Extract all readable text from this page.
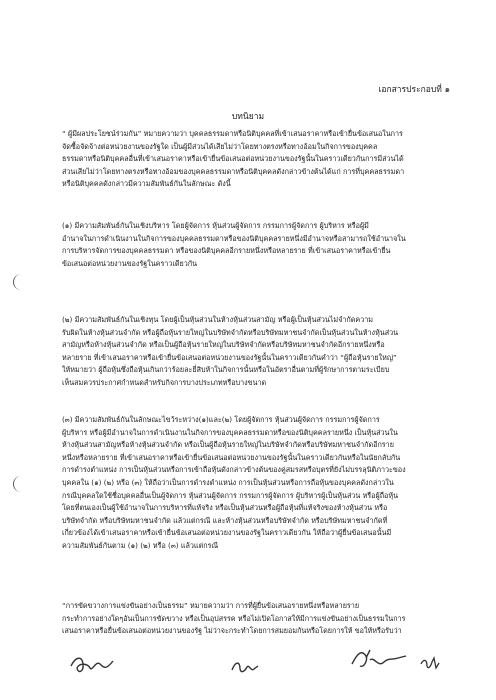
เอกสารประกอบที่ ๑
บทนิยาม
“ ผู้มีผลประโยชน์ร่วมกัน” หมายความว่า บุคคลธรรมดาหรือนิติบุคคลที่เข้าเสนอราคาหรือเข้ายื่นข้อเสนอในการ
จัดซื้อจัดจ้างต่อหน่วยงานของรัฐใด เป็นผู้มีส่วนได้เสียไม่ว่าโดยทางตรงหรือทางอ้อมในกิจการของบุคคล
ธรรมดาหรือนิติบุคคลอื่นที่เข้าเสนอราคาหรือเข้ายื่นข้อเสนอต่อหน่วยงานของรัฐนั้นในคราวเดียวกันการมีส่วนได้
ส่วนเสียไม่ว่าโดยทางตรงหรือทางอ้อมของบุคคลธรรมดาหรือนิติบุคคลดังกล่าวข้างต้นได้แก่ การที่บุคคลธรรมดา
หรือนิติบุคคลดังกล่าวมีความสัมพันธ์กันในลักษณะ ดังนี้
(๑) มีความสัมพันธ์กันในเชิงบริหาร โดยผู้จัดการ หุ้นส่วนผู้จัดการ กรรมการผู้จัดการ ผู้บริหาร หรือผู้มี
อำนาจในการดำเนินงานในกิจการของบุคคลธรรมดาหรือของนิติบุคคลรายหนึ่งมีอำนาจหรือสามารถใช้อำนาจใน
การบริหารจัดการของบุคคลธรรมดา หรือของนิติบุคคลอีกรายหนึ่งหรือหลายราย ที่เข้าเสนอราคาหรือเข้ายื่น
ข้อเสนอต่อหน่วยงานของรัฐในคราวเดียวกัน
(๒) มีความสัมพันธ์กันในเชิงทุน โดยผู้เป็นหุ้นส่วนในห้างหุ้นส่วนสามัญ หรือผู้เป็นหุ้นส่วนไม่จำกัดความ
รับผิดในห้างหุ้นส่วนจำกัด หรือผู้ถือหุ้นรายใหญ่ในบริษัทจำกัดหรือบริษัทมหาชนจำกัดเป็นหุ้นส่วนในห้างหุ้นส่วน
สามัญหรือห้างหุ้นส่วนจำกัด หรือเป็นผู้ถือหุ้นรายใหญ่ในบริษัทจำกัดหรือบริษัทมหาชนจำกัดอีกรายหนึ่งหรือ
หลายราย ที่เข้าเสนอราคาหรือเข้ายื่นข้อเสนอต่อหน่วยงานของรัฐนั้นในคราวเดียวกันคำว่า “ผู้ถือหุ้นรายใหญ่”
ให้หมายว่า ผู้ถือหุ้นซึ่งถือหุ้นเกินกว่าร้อยละยี่สิบห้าในกิจการนั้นหรือในอัตราอื่นตามที่ผู้รักษาการตามระเบียบ
เห็นสมควรประกาศกำหนดสำหรับกิจการบางประเภทหรือบางขนาด
(๓) มีความสัมพันธ์กันในลักษณะไขว้ระหว่าง(๑)และ(๒) โดยผู้จัดการ หุ้นส่วนผู้จัดการ กรรมการผู้จัดการ
ผู้บริหาร หรือผู้มีอำนาจในการดำเนินงานในกิจการของบุคคลธรรมดาหรือของนิติบุคคลรายหนึ่ง เป็นหุ้นส่วนใน
ห้างหุ้นส่วนสามัญหรือห้างหุ้นส่วนจำกัด หรือเป็นผู้ถือหุ้นรายใหญ่ในบริษัทจำกัดหรือบริษัทมหาชนจำกัดอีกราย
หนึ่งหรือหลายราย ที่เข้าเสนอราคาหรือเข้ายื่นข้อเสนอต่อหน่วยงานของรัฐนั้นในคราวเดียวกันหรือในนัยกลับกัน
การดำรงตำแหน่ง การเป็นหุ้นส่วนหรือการเข้าถือหุ้นดังกล่าวข้างต้นของคู่สมรสหรือบุตรที่ยังไม่บรรลุนิติภาวะของ
บุคคลใน (๑) (๒) หรือ (๓) ให้ถือว่าเป็นการดำรงตำแหน่ง การเป็นหุ้นส่วนหรือการถือหุ้นของบุคคลดังกล่าวใน
กรณีบุคคลใดใช้ชื่อบุคคลอื่นเป็นผู้จัดการ หุ้นส่วนผู้จัดการ กรรมการผู้จัดการ ผู้บริหารผู้เป็นหุ้นส่วน หรือผู้ถือหุ้น
โดยที่ตนเองเป็นผู้ใช้อำนาจในการบริหารที่แท้จริง หรือเป็นหุ้นส่วนหรือผู้ถือหุ้นที่แท้จริงของห้างหุ้นส่วน หรือ
บริษัทจำกัด หรือบริษัทมหาชนจำกัด แล้วแต่กรณี และห้างหุ้นส่วนหรือบริษัทจำกัด หรือบริษัทมหาชนจำกัดที่
เกี่ยวข้องได้เข้าเสนอราคาหรือเข้ายื่นข้อเสนอต่อหน่วยงานของรัฐในคราวเดียวกัน ให้ถือว่าผู้ยื่นข้อเสนอนั้นมี
ความสัมพันธ์กันตาม (๑) (๒) หรือ (๓) แล้วแต่กรณี
“การขัดขวางการแข่งขันอย่างเป็นธรรม” หมายความว่า การที่ผู้ยื่นข้อเสนอรายหนึ่งหรือหลายราย
กระทำการอย่างใดๆอันเป็นการขัดขวาง หรือเป็นอุปสรรค หรือไม่เปิดโอกาสให้มีการแข่งขันอย่างเป็นธรรมในการ
เสนอราคาหรือยื่นข้อเสนอต่อหน่วยงานของรัฐ ไม่ว่าจะกระทำโดยการสมยอมกันหรือโดยการให้ ขอให้หรือรับว่า
